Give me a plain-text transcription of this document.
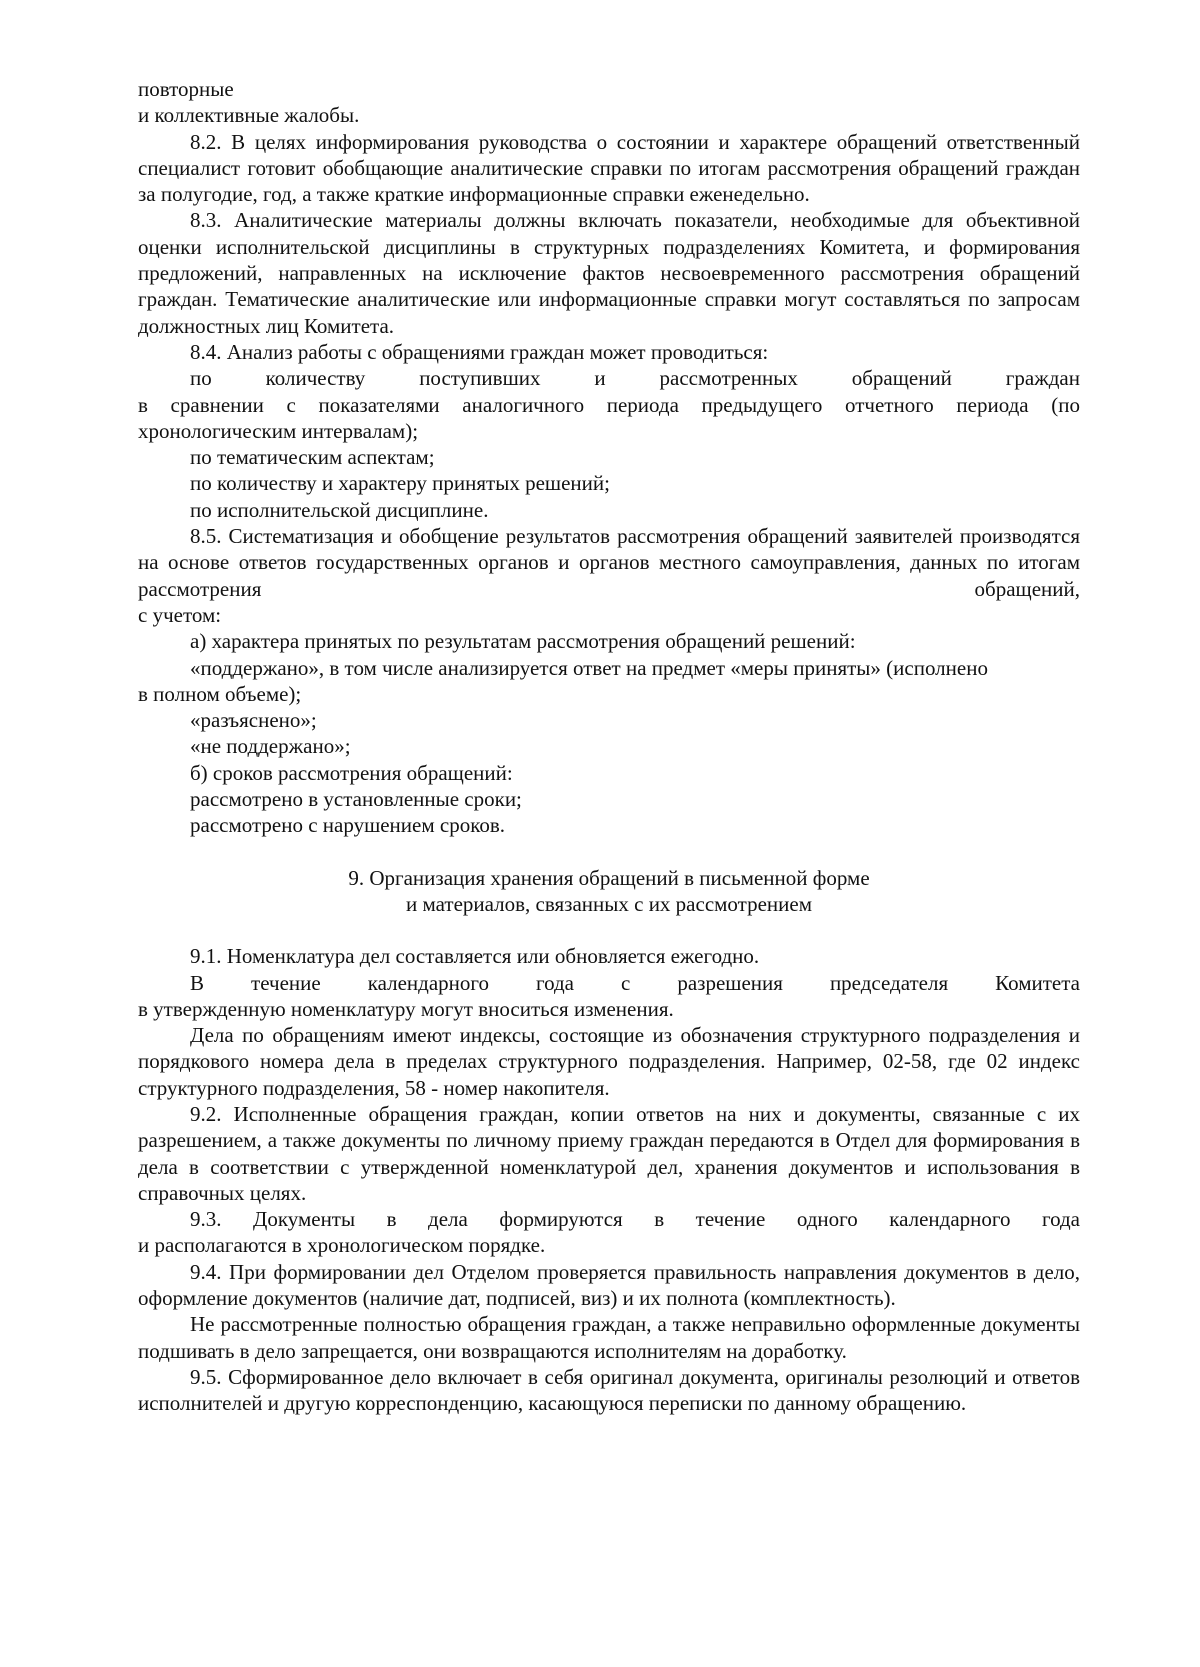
повторные

и коллективные жалобы.

8.2. В целях информирования руководства о состоянии и характере обращений ответственный специалист готовит обобщающие аналитические справки по итогам рассмотрения обращений граждан за полугодие, год, а также краткие информационные справки еженедельно.

8.3. Аналитические материалы должны включать показатели, необходимые для объективной оценки исполнительской дисциплины в структурных подразделениях Комитета, и формирования предложений, направленных на исключение фактов несвоевременного рассмотрения обращений граждан. Тематические аналитические или информационные справки могут составляться по запросам должностных лиц Комитета.

8.4. Анализ работы с обращениями граждан может проводиться:

по количеству поступивших и рассмотренных обращений граждан

в сравнении с показателями аналогичного периода предыдущего отчетного периода (по хронологическим интервалам);

по тематическим аспектам;

по количеству и характеру принятых решений;

по исполнительской дисциплине.

8.5. Систематизация и обобщение результатов рассмотрения обращений заявителей производятся на основе ответов государственных органов и органов местного самоуправления, данных по итогам рассмотрения обращений,

с учетом:

а) характера принятых по результатам рассмотрения обращений решений:

«поддержано», в том числе анализируется ответ на предмет «меры приняты» (исполнено

в полном объеме);

«разъяснено»;

«не поддержано»;

б) сроков рассмотрения обращений:

рассмотрено в установленные сроки;

рассмотрено с нарушением сроков.

9. Организация хранения обращений в письменной форме
и материалов, связанных с их рассмотрением

9.1. Номенклатура дел составляется или обновляется ежегодно.

В течение календарного года с разрешения председателя Комитета

в утвержденную номенклатуру могут вноситься изменения.

Дела по обращениям имеют индексы, состоящие из обозначения структурного подразделения и порядкового номера дела в пределах структурного подразделения. Например, 02-58, где 02 индекс структурного подразделения, 58 - номер накопителя.

9.2. Исполненные обращения граждан, копии ответов на них и документы, связанные с их разрешением, а также документы по личному приему граждан передаются в Отдел для формирования в дела в соответствии с утвержденной номенклатурой дел, хранения документов и использования в справочных целях.

9.3. Документы в дела формируются в течение одного календарного года

и располагаются в хронологическом порядке.

9.4. При формировании дел Отделом проверяется правильность направления документов в дело, оформление документов (наличие дат, подписей, виз) и их полнота (комплектность).

Не рассмотренные полностью обращения граждан, а также неправильно оформленные документы подшивать в дело запрещается, они возвращаются исполнителям на доработку.

9.5. Сформированное дело включает в себя оригинал документа, оригиналы резолюций и ответов исполнителей и другую корреспонденцию, касающуюся переписки по данному обращению.
